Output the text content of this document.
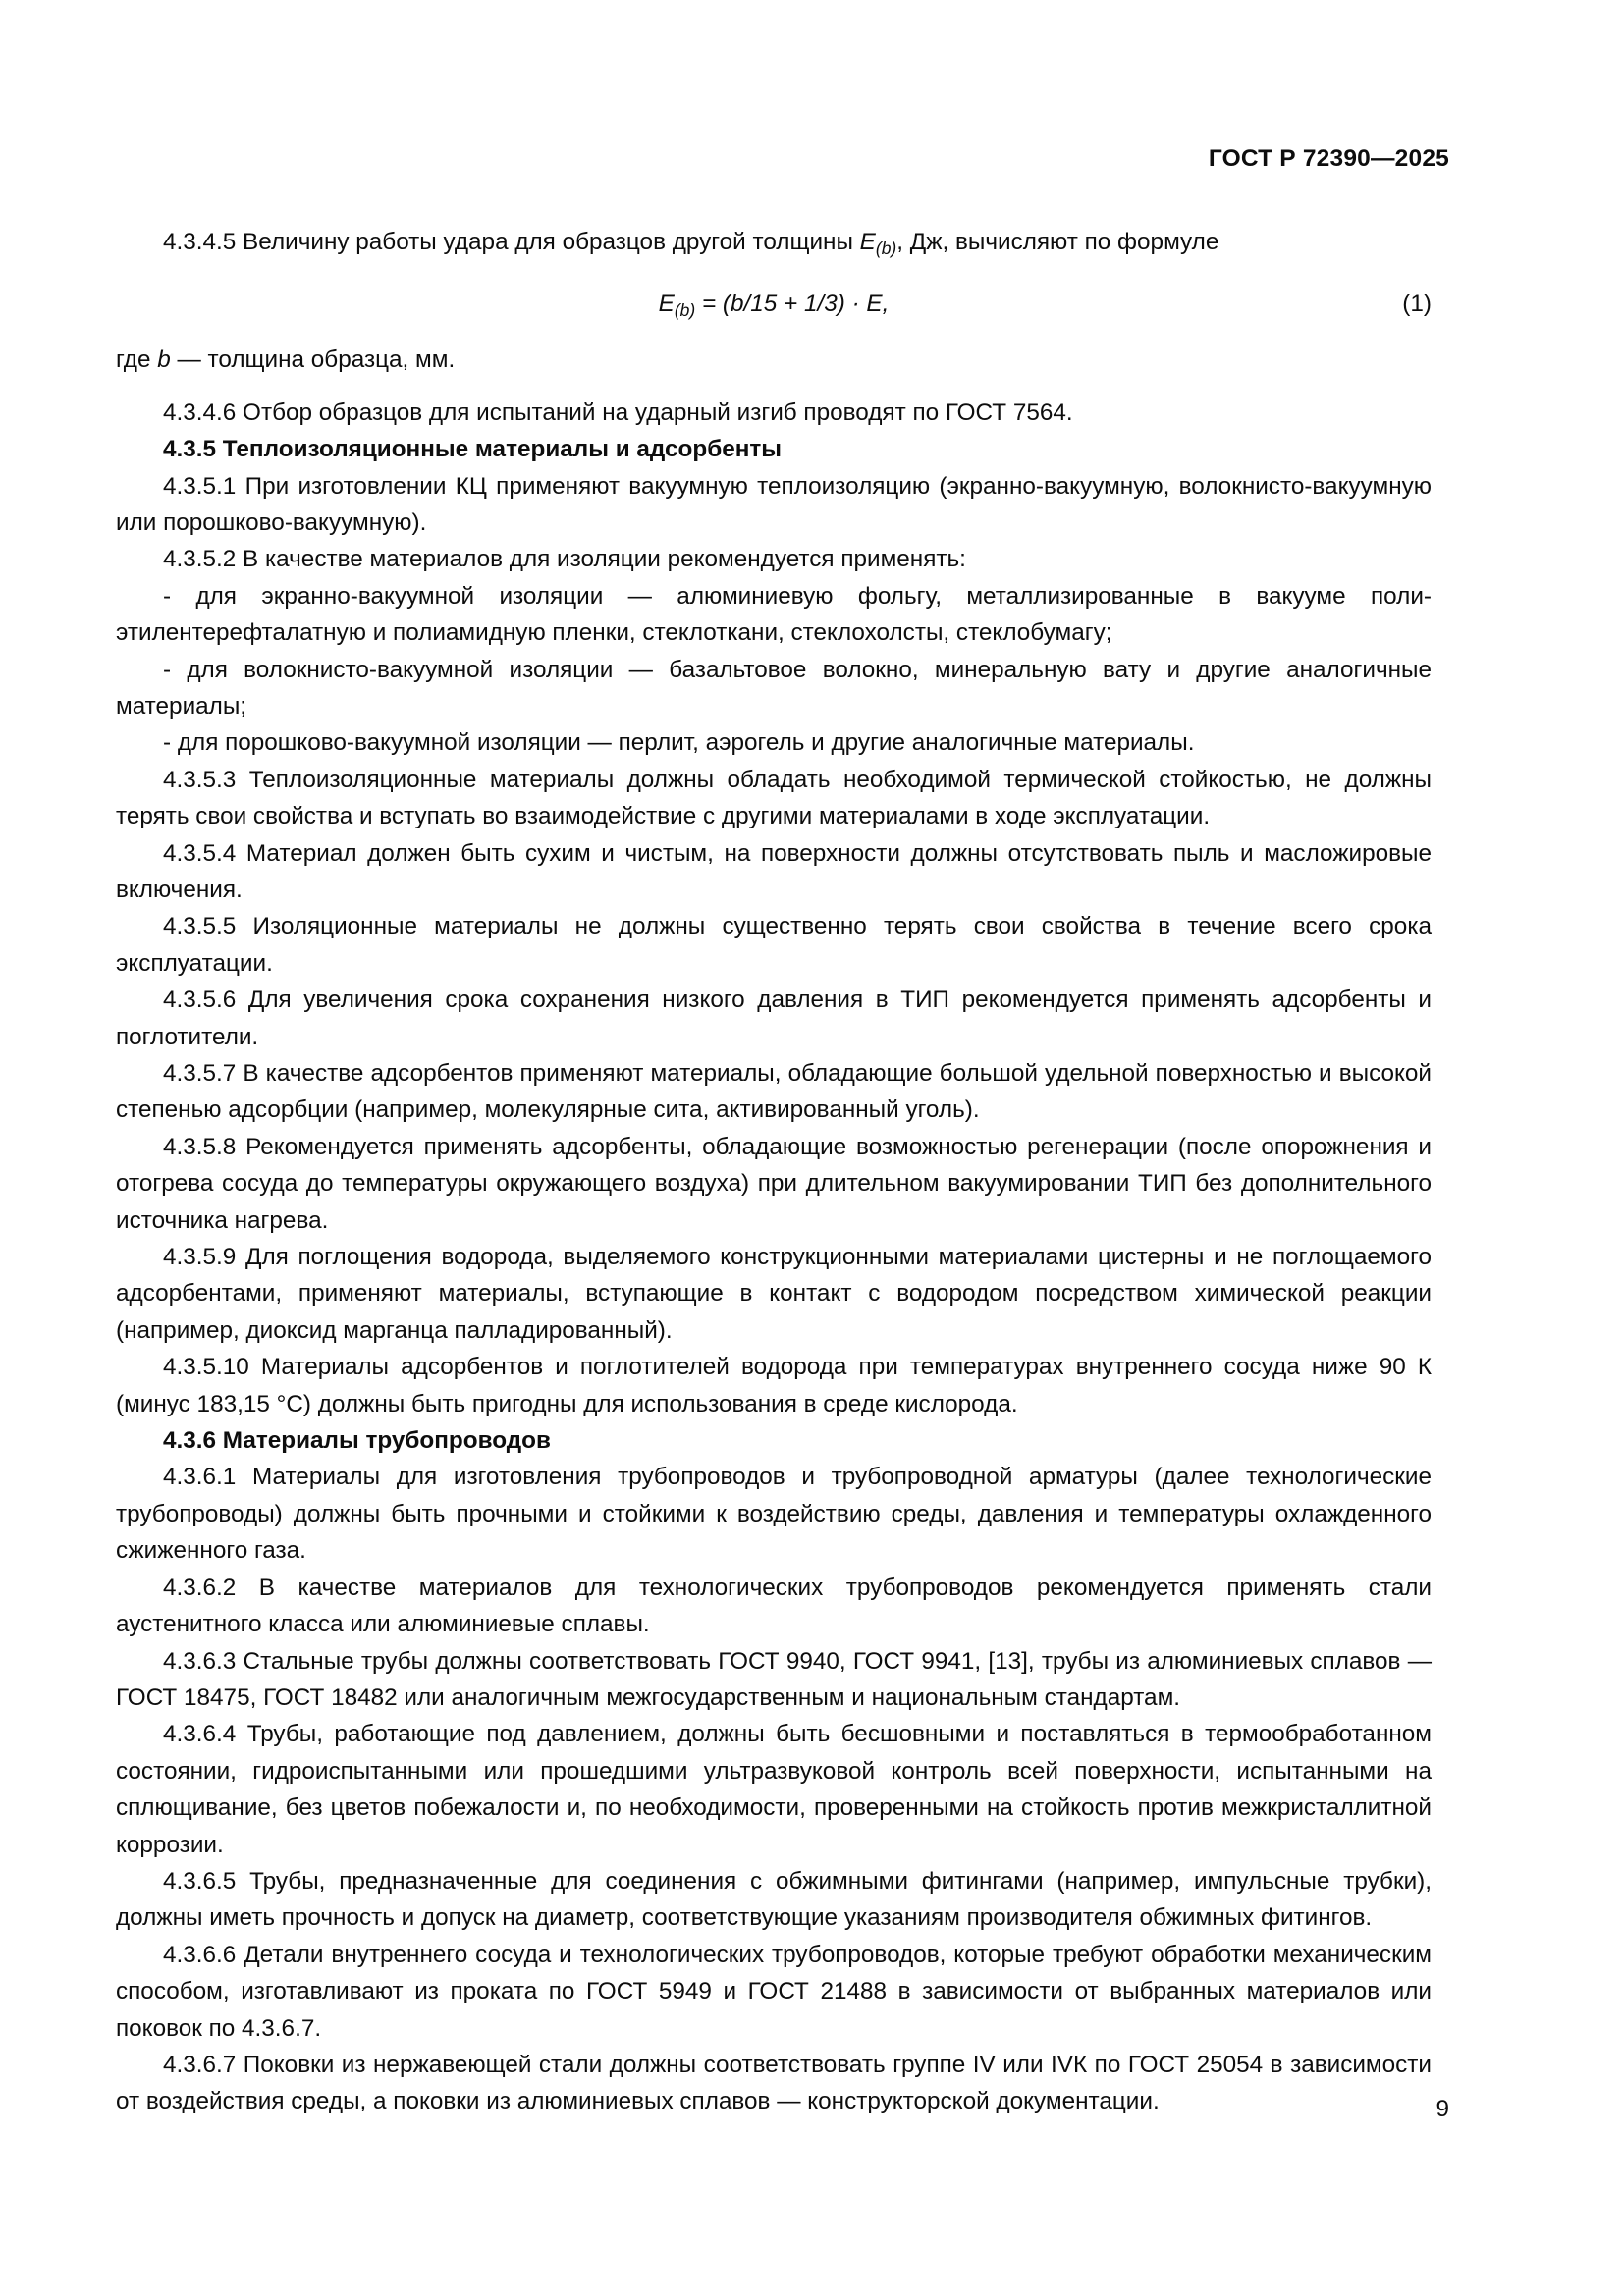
ГОСТ Р 72390—2025

4.3.4.5 Величину работы удара для образцов другой толщины $E_{(b)}$, Дж, вычисляют по формуле

$E_{(b)} = (b/15 + 1/3) \cdot E$,	(1)

где b — толщина образца, мм.

4.3.4.6 Отбор образцов для испытаний на ударный изгиб проводят по ГОСТ 7564.

4.3.5 Теплоизоляционные материалы и адсорбенты

4.3.5.1 При изготовлении КЦ применяют вакуумную теплоизоляцию (экранно-вакуумную, волокнисто-вакуумную или порошково-вакуумную).

4.3.5.2 В качестве материалов для изоляции рекомендуется применять:

- для экранно-вакуумной изоляции — алюминиевую фольгу, металлизированные в вакууме полиэтилентерефталатную и полиамидную пленки, стеклоткани, стеклохолсты, стеклобумагу;

- для волокнисто-вакуумной изоляции — базальтовое волокно, минеральную вату и другие аналогичные материалы;

- для порошково-вакуумной изоляции — перлит, аэрогель и другие аналогичные материалы.

4.3.5.3 Теплоизоляционные материалы должны обладать необходимой термической стойкостью, не должны терять свои свойства и вступать во взаимодействие с другими материалами в ходе эксплуатации.

4.3.5.4 Материал должен быть сухим и чистым, на поверхности должны отсутствовать пыль и масложировые включения.

4.3.5.5 Изоляционные материалы не должны существенно терять свои свойства в течение всего срока эксплуатации.

4.3.5.6 Для увеличения срока сохранения низкого давления в ТИП рекомендуется применять адсорбенты и поглотители.

4.3.5.7 В качестве адсорбентов применяют материалы, обладающие большой удельной поверхностью и высокой степенью адсорбции (например, молекулярные сита, активированный уголь).

4.3.5.8 Рекомендуется применять адсорбенты, обладающие возможностью регенерации (после опорожнения и отогрева сосуда до температуры окружающего воздуха) при длительном вакуумировании ТИП без дополнительного источника нагрева.

4.3.5.9 Для поглощения водорода, выделяемого конструкционными материалами цистерны и не поглощаемого адсорбентами, применяют материалы, вступающие в контакт с водородом посредством химической реакции (например, диоксид марганца палладированный).

4.3.5.10 Материалы адсорбентов и поглотителей водорода при температурах внутреннего сосуда ниже 90 К (минус 183,15 °C) должны быть пригодны для использования в среде кислорода.

4.3.6 Материалы трубопроводов

4.3.6.1 Материалы для изготовления трубопроводов и трубопроводной арматуры (далее технологические трубопроводы) должны быть прочными и стойкими к воздействию среды, давления и температуры охлажденного сжиженного газа.

4.3.6.2 В качестве материалов для технологических трубопроводов рекомендуется применять стали аустенитного класса или алюминиевые сплавы.

4.3.6.3 Стальные трубы должны соответствовать ГОСТ 9940, ГОСТ 9941, [13], трубы из алюминиевых сплавов — ГОСТ 18475, ГОСТ 18482 или аналогичным межгосударственным и национальным стандартам.

4.3.6.4 Трубы, работающие под давлением, должны быть бесшовными и поставляться в термообработанном состоянии, гидроиспытанными или прошедшими ультразвуковой контроль всей поверхности, испытанными на сплющивание, без цветов побежалости и, по необходимости, проверенными на стойкость против межкристаллитной коррозии.

4.3.6.5 Трубы, предназначенные для соединения с обжимными фитингами (например, импульсные трубки), должны иметь прочность и допуск на диаметр, соответствующие указаниям производителя обжимных фитингов.

4.3.6.6 Детали внутреннего сосуда и технологических трубопроводов, которые требуют обработки механическим способом, изготавливают из проката по ГОСТ 5949 и ГОСТ 21488 в зависимости от выбранных материалов или поковок по 4.3.6.7.

4.3.6.7 Поковки из нержавеющей стали должны соответствовать группе IV или IVК по ГОСТ 25054 в зависимости от воздействия среды, а поковки из алюминиевых сплавов — конструкторской документации.	9
